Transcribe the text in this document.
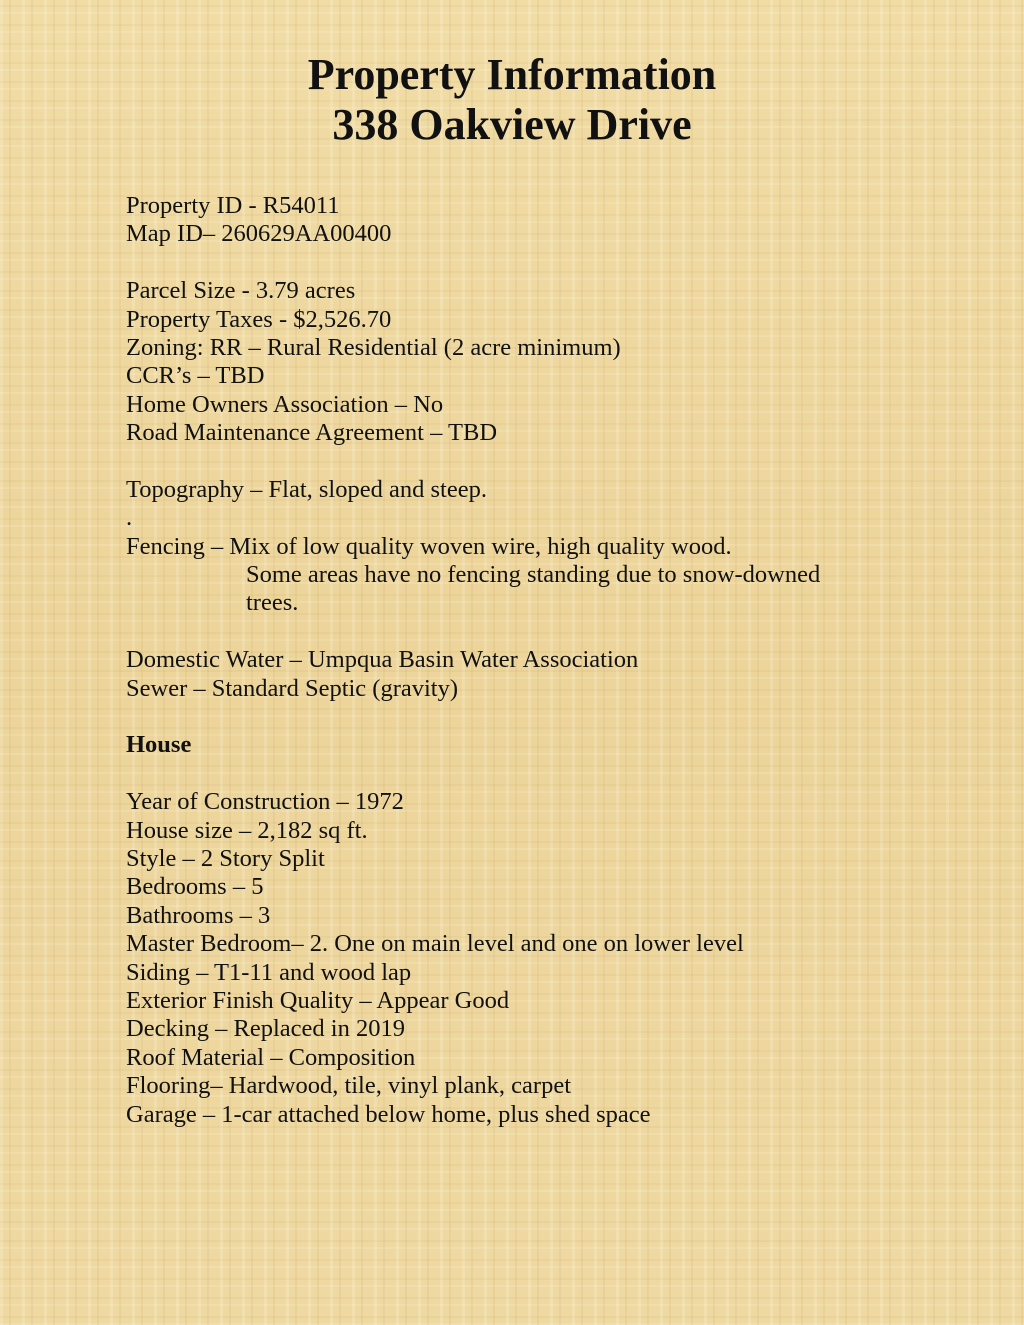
Property Information
338 Oakview Drive
Property ID - R54011
Map ID– 260629AA00400
Parcel Size - 3.79 acres
Property Taxes - $2,526.70
Zoning: RR – Rural Residential (2 acre minimum)
CCR’s – TBD
Home Owners Association – No
Road Maintenance Agreement – TBD
Topography – Flat, sloped and steep.
.
Fencing – Mix of low quality woven wire, high quality wood.
Some areas have no fencing standing due to snow-downed
trees.
Domestic Water – Umpqua Basin Water Association
Sewer – Standard Septic (gravity)
House
Year of Construction – 1972
House size – 2,182 sq ft.
Style – 2 Story Split
Bedrooms – 5
Bathrooms – 3
Master Bedroom– 2. One on main level and one on lower level
Siding – T1-11 and wood lap
Exterior Finish Quality – Appear Good
Decking – Replaced in 2019
Roof Material – Composition
Flooring– Hardwood, tile, vinyl plank, carpet
Garage – 1-car attached below home, plus shed space
